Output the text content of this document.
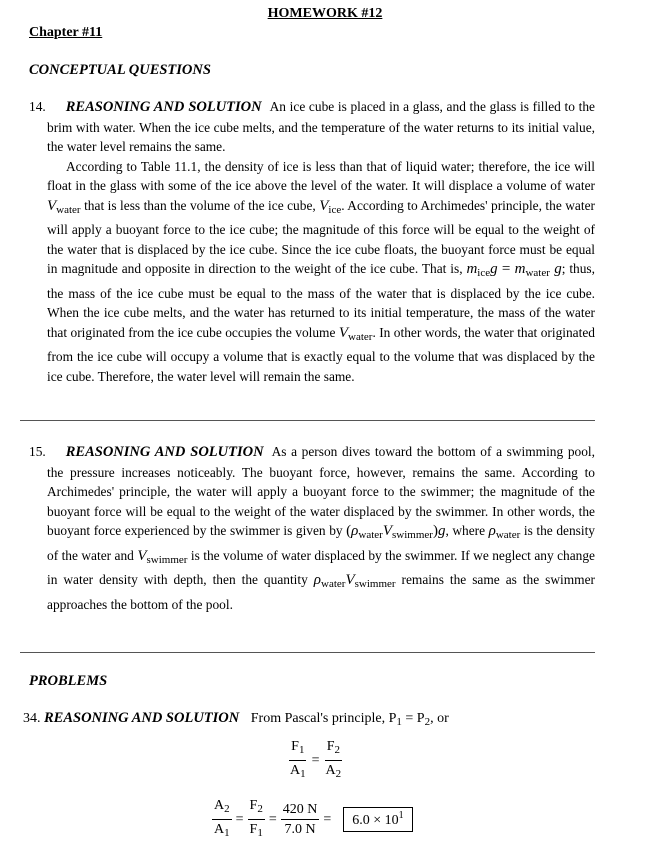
HOMEWORK #12
Chapter #11
CONCEPTUAL QUESTIONS
14. REASONING AND SOLUTION An ice cube is placed in a glass, and the glass is filled to the brim with water. When the ice cube melts, and the temperature of the water returns to its initial value, the water level remains the same.
According to Table 11.1, the density of ice is less than that of liquid water; therefore, the ice will float in the glass with some of the ice above the level of the water. It will displace a volume of water $V_{water}$ that is less than the volume of the ice cube, $V_{ice}$. According to Archimedes' principle, the water will apply a buoyant force to the ice cube; the magnitude of this force will be equal to the weight of the water that is displaced by the ice cube. Since the ice cube floats, the buoyant force must be equal in magnitude and opposite in direction to the weight of the ice cube. That is, $m_{ice}g = m_{water}$ g; thus, the mass of the ice cube must be equal to the mass of the water that is displaced by the ice cube. When the ice cube melts, and the water has returned to its initial temperature, the mass of the water that originated from the ice cube occupies the volume $V_{water}$. In other words, the water that originated from the ice cube will occupy a volume that is exactly equal to the volume that was displaced by the ice cube. Therefore, the water level will remain the same.
15. REASONING AND SOLUTION As a person dives toward the bottom of a swimming pool, the pressure increases noticeably. The buoyant force, however, remains the same. According to Archimedes' principle, the water will apply a buoyant force to the swimmer; the magnitude of the buoyant force will be equal to the weight of the water displaced by the swimmer. In other words, the buoyant force experienced by the swimmer is given by $(\rho_{water}V_{swimmer})g$, where $\rho_{water}$ is the density of the water and $V_{swimmer}$ is the volume of water displaced by the swimmer. If we neglect any change in water density with depth, then the quantity $\rho_{water}V_{swimmer}$ remains the same as the swimmer approaches the bottom of the pool.
PROBLEMS
34. REASONING AND SOLUTION From Pascal's principle, $P_1 = P_2$, or
$\frac{F_1}{A_1} = \frac{F_2}{A_2}$
$\frac{A_2}{A_1} = \frac{F_2}{F_1} = \frac{420 N}{7.0 N}$ =	$6.0 \times 10^1$
